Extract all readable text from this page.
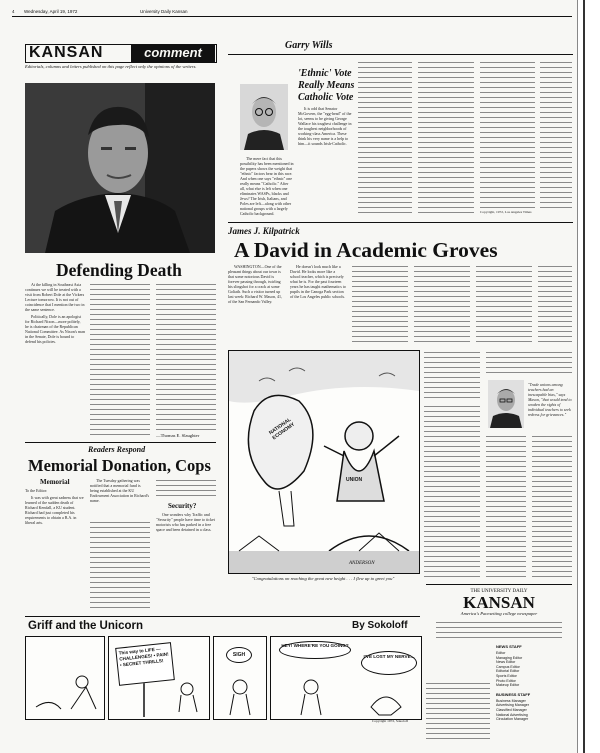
4 Wednesday, April 19, 1972	University Daily Kansan
KANSAN	comment
Editorials, columns and letters published on this page reflect only the opinions of the writers.
Garry Wills
'Ethnic' Vote
Really Means
Catholic Vote

It is odd that Senator McGovern, the "egg-head" of the lot, seems to be giving George Wallace his toughest challenge in the toughest neighborhoods of working-class America. These think his very name is a help to him—it sounds Irish-Catholic.

The mere fact that this possibility has been mentioned in the papers shows the weight that "ethnic" factors bear in this race. And when one says "ethnic" one really means "Catholic." After all, what else is left when one eliminates WASPs, blacks and Jews? The Irish, Italians, and Poles are left—along with other national groups with a largely Catholic background.	Copyright, 1972, Los Angeles Times
James J. Kilpatrick
A David in Academic Groves

WASHINGTON—One of the pleasant things about our town is that some notorious David is forever passing through, twirling his slingshot for a crack at some Goliath. Such a visitor turned up last week: Richard W. Mason, 41, of the San Fernando Valley.

He doesn't look much like a David. He looks more like a school teacher, which is precisely what he is. For the past fourteen years he has taught mathematics to pupils in the Canoga Park section of the Los Angeles public schools.

NATIONAL ECONOMY
UNION
ANDERSON
"Congratulations on reaching the great new height . . . I flew up to greet you"

"Trade unions among teachers had an inescapable bias," says Mason, "that would tend to weaken the rights of individual teachers to seek redress for grievances."

Defending Death

At the killing in Southeast Asia continues we will be treated with a visit from Robert Dole at the Vickers Lecture tomorrow. It is not out of coincidence that I mention the two in the same sentence.

Politically, Dole is an apologist for Richard Nixon—more politely, he is chairman of the Republican National Committee. As Nixon's man in the Senate, Dole is bound to defend his policies.

—Thomas E. Slaughter
Readers Respond
Memorial Donation, Cops
Memorial

To the Editor:

It was with great sadness that we learned of the sudden death of Richard Kendall, a KU student. Richard had just completed his requirements to obtain a B.A. in liberal arts.

The Tuesday gathering was notified that a memorial fund is being established at the KU Endowment Association in Richard's name.

Security?

One wonders why Traffic and "Security" people have time to ticket motorists who has parked in a free space and been detained in a class.

Griff and the Unicorn	By Sokoloff
This way to LIFE — CHALLENGES! • PAIN! • SECRET THRILLS!
SIGH
HEY! WHERE'RE YOU GOING?
I'VE LOST MY NERVE...
Copyright 1972, Sokoloff
THE UNIVERSITY DAILY
KANSAN
America's Pacesetting college newspaper
NEWS STAFF
Editor
Managing Editor
News Editor
Campus Editor
Editorial Editor
Sports Editor
Photo Editor
Makeup Editor
BUSINESS STAFF
Business Manager
Advertising Manager
Classified Manager
National Advertising
Circulation Manager
